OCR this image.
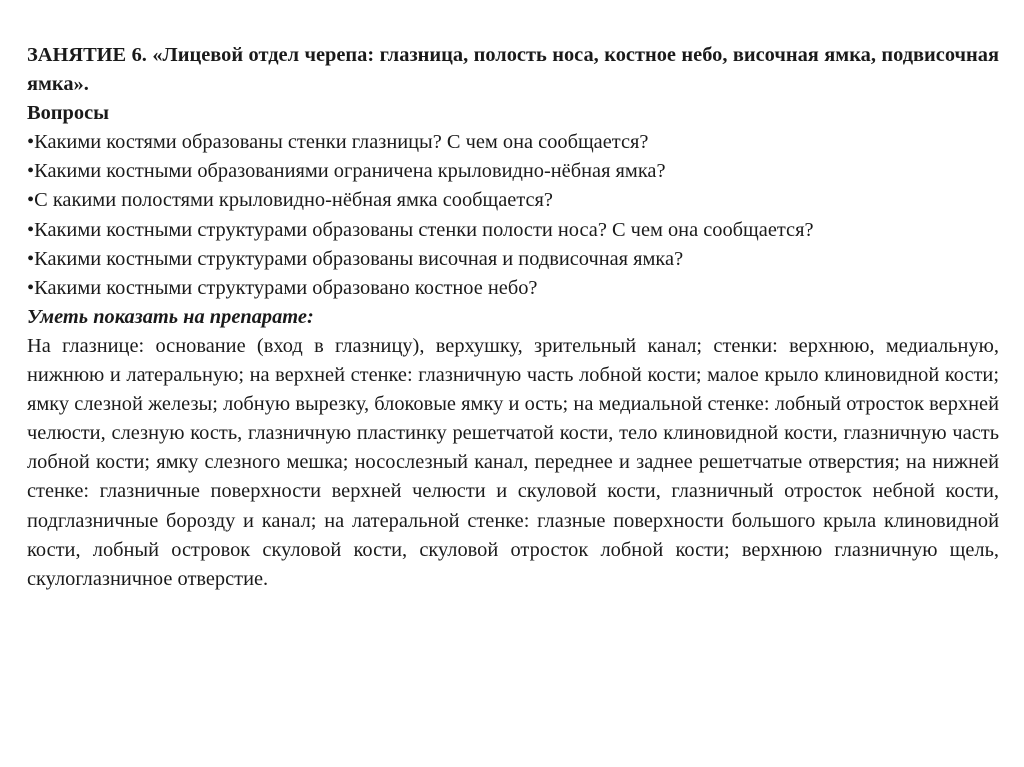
ЗАНЯТИЕ 6. «Лицевой отдел черепа: глазница, полость носа, костное небо, височная ямка, подвисочная ямка».

Вопросы

•Какими костями образованы стенки глазницы? С чем она сообщается?

•Какими костными образованиями ограничена крыловидно-нёбная ямка?

•С какими полостями крыловидно-нёбная ямка сообщается?

•Какими костными структурами образованы стенки полости носа? С чем она сообщается?

•Какими костными структурами образованы височная и подвисочная ямка?

•Какими костными структурами образовано костное небо?

Уметь показать на препарате:

На глазнице: основание (вход в глазницу), верхушку, зрительный канал; стенки: верхнюю, медиальную, нижнюю и латеральную; на верхней стенке: глазничную часть лобной кости; малое крыло клиновидной кости; ямку слезной железы; лобную вырезку, блоковые ямку и ость; на медиальной стенке: лобный отросток верхней челюсти, слезную кость, глазничную пластинку решетчатой кости, тело клиновидной кости, глазничную часть лобной кости; ямку слезного мешка; носослезный канал, переднее и заднее решетчатые отверстия; на нижней стенке: глазничные поверхности верхней челюсти и скуловой кости, глазничный отросток небной кости, подглазничные борозду и канал; на латеральной стенке: глазные поверхности большого крыла клиновидной кости, лобный островок скуловой кости, скуловой отросток лобной кости; верхнюю глазничную щель, скулоглазничное отверстие.
